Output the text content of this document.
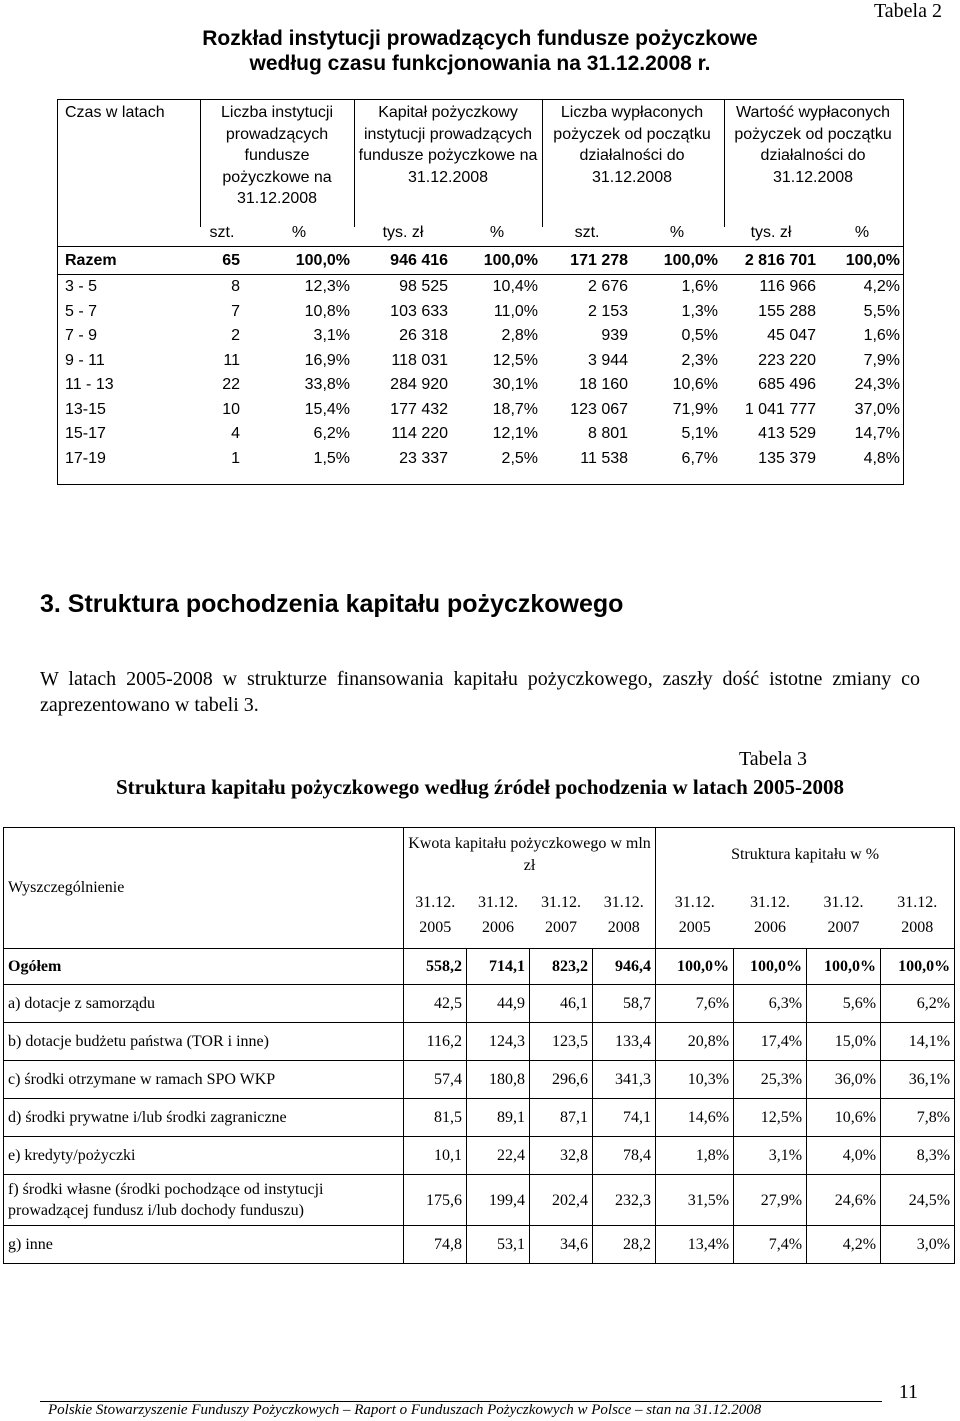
Tabela 2
Rozkład instytucji prowadzących fundusze pożyczkowe
według czasu funkcjonowania na 31.12.2008 r.
Czas w latach	Liczba instytucji prowadzących fundusze pożyczkowe na 31.12.2008		Kapitał pożyczkowy instytucji prowadzących fundusze pożyczkowe na 31.12.2008		Liczba wypłaconych pożyczek od początku działalności do 31.12.2008		Wartość wypłaconych pożyczek od początku działalności do 31.12.2008	
	szt.	%	tys. zł	%	szt.	%	tys. zł	%
Razem	65	100,0%	946 416	100,0%	171 278	100,0%	2 816 701	100,0%
3 - 5	8	12,3%	98 525	10,4%	2 676	1,6%	116 966	4,2%
5 - 7	7	10,8%	103 633	11,0%	2 153	1,3%	155 288	5,5%
7 - 9	2	3,1%	26 318	2,8%	939	0,5%	45 047	1,6%
9 - 11	11	16,9%	118 031	12,5%	3 944	2,3%	223 220	7,9%
11 - 13	22	33,8%	284 920	30,1%	18 160	10,6%	685 496	24,3%
13-15	10	15,4%	177 432	18,7%	123 067	71,9%	1 041 777	37,0%
15-17	4	6,2%	114 220	12,1%	8 801	5,1%	413 529	14,7%
17-19	1	1,5%	23 337	2,5%	11 538	6,7%	135 379	4,8%
3. Struktura pochodzenia kapitału pożyczkowego
W latach 2005-2008 w strukturze finansowania kapitału pożyczkowego, zaszły dość istotne zmiany co zaprezentowano w tabeli 3.
Tabela 3
Struktura kapitału pożyczkowego według źródeł pochodzenia w latach 2005-2008
Wyszczególnienie	Kwota kapitału pożyczkowego w mln zł				Struktura kapitału w %			
	31.12. 2005	31.12. 2006	31.12. 2007	31.12. 2008	31.12. 2005	31.12. 2006	31.12. 2007	31.12. 2008
Ogółem	558,2	714,1	823,2	946,4	100,0%	100,0%	100,0%	100,0%
a) dotacje z samorządu	42,5	44,9	46,1	58,7	7,6%	6,3%	5,6%	6,2%
b) dotacje budżetu państwa (TOR i inne)	116,2	124,3	123,5	133,4	20,8%	17,4%	15,0%	14,1%
c) środki otrzymane w ramach SPO WKP	57,4	180,8	296,6	341,3	10,3%	25,3%	36,0%	36,1%
d) środki prywatne i/lub środki zagraniczne	81,5	89,1	87,1	74,1	14,6%	12,5%	10,6%	7,8%
e) kredyty/pożyczki	10,1	22,4	32,8	78,4	1,8%	3,1%	4,0%	8,3%
f) środki własne (środki pochodzące od instytucji prowadzącej fundusz i/lub dochody funduszu)	175,6	199,4	202,4	232,3	31,5%	27,9%	24,6%	24,5%
g) inne	74,8	53,1	34,6	28,2	13,4%	7,4%	4,2%	3,0%
11
Polskie Stowarzyszenie Funduszy Pożyczkowych – Raport o Funduszach Pożyczkowych w Polsce – stan na 31.12.2008
